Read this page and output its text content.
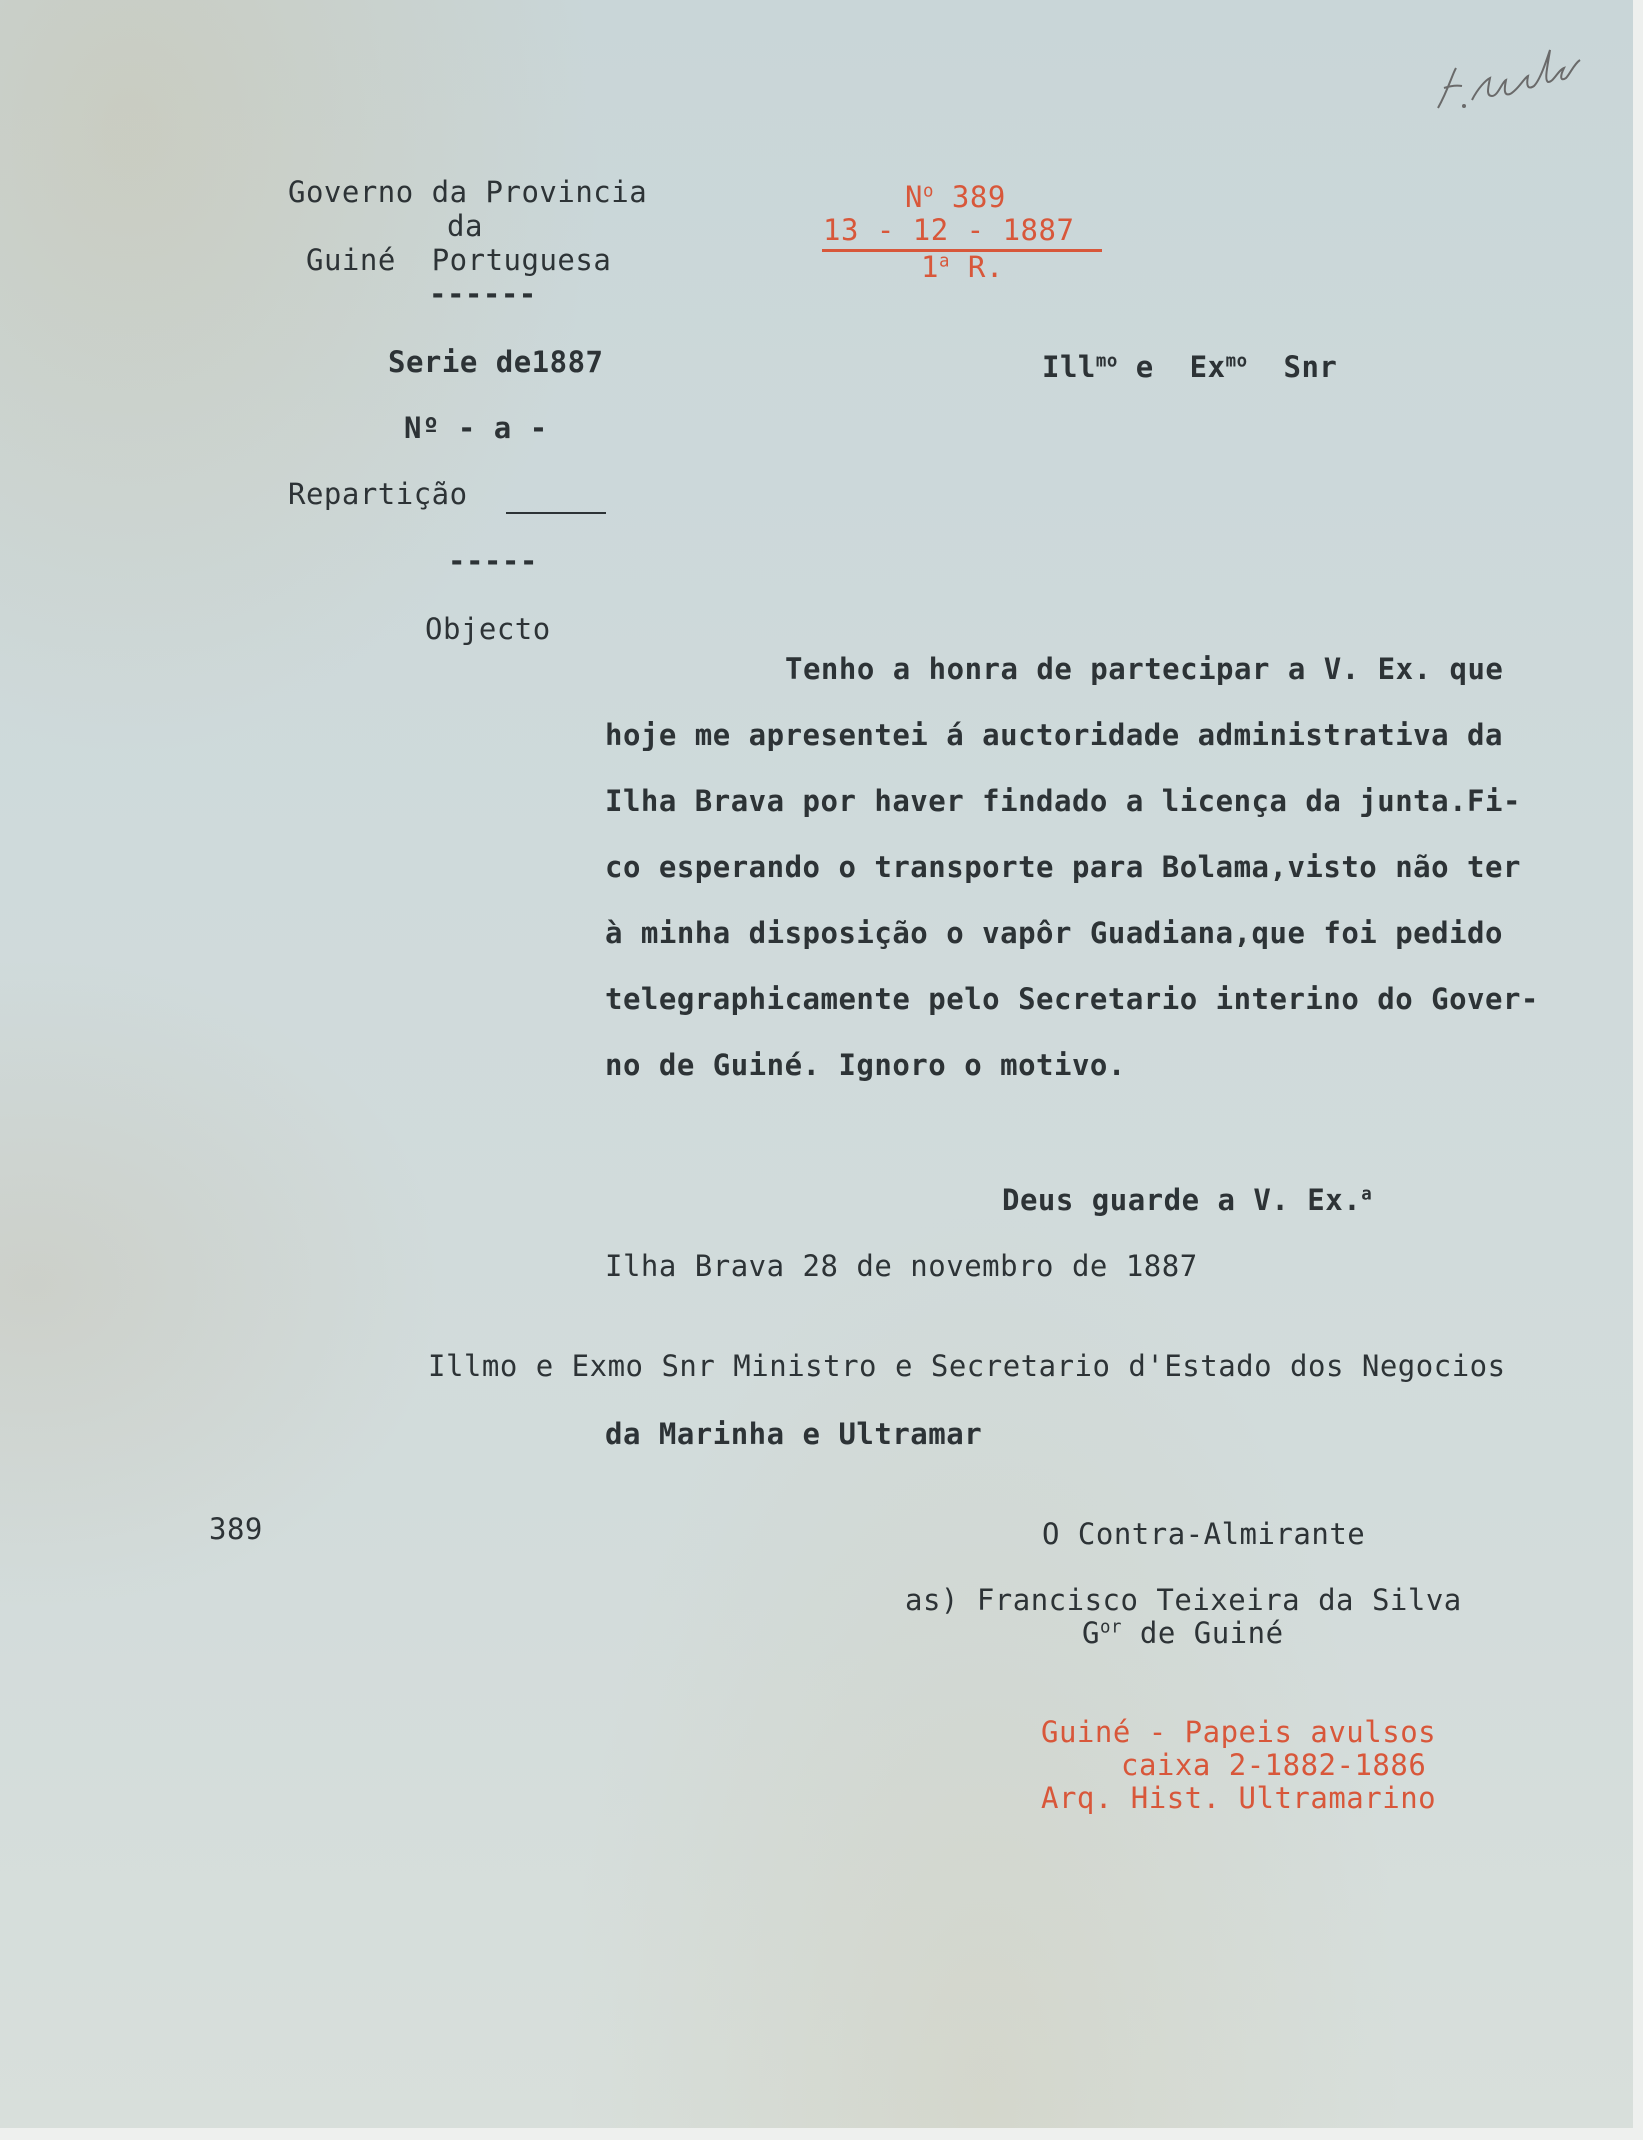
Governo da Provincia
da
Guiné  Portuguesa
------
$N^o$ 389
13 - 12 - 1887
1$^a$ R.
Serie de1887
Nº - a -
Repartição
-----
Objecto
Ill$^{mo}$ e  $Ex^{mo}$  Snr
Tenho a honra de partecipar a V. Ex. que
hoje me apresentei á auctoridade administrativa da
Ilha Brava por haver findado a licença da junta.Fi-
co esperando o transporte para Bolama,visto não ter
à minha disposição o vapôr Guadiana,que foi pedido
telegraphicamente pelo Secretario interino do Gover-
no de Guiné. Ignoro o motivo.
Deus guarde a V. Ex.$^a$
Ilha Brava 28 de novembro de 1887
Illmo e Exmo Snr Ministro e Secretario d'Estado dos Negocios
da Marinha e Ultramar
389	O Contra-Almirante
as) Francisco Teixeira da Silva
$G^{or}$ de Guiné
Guiné - Papeis avulsos
caixa 2-1882-1886
Arq. Hist. Ultramarino
